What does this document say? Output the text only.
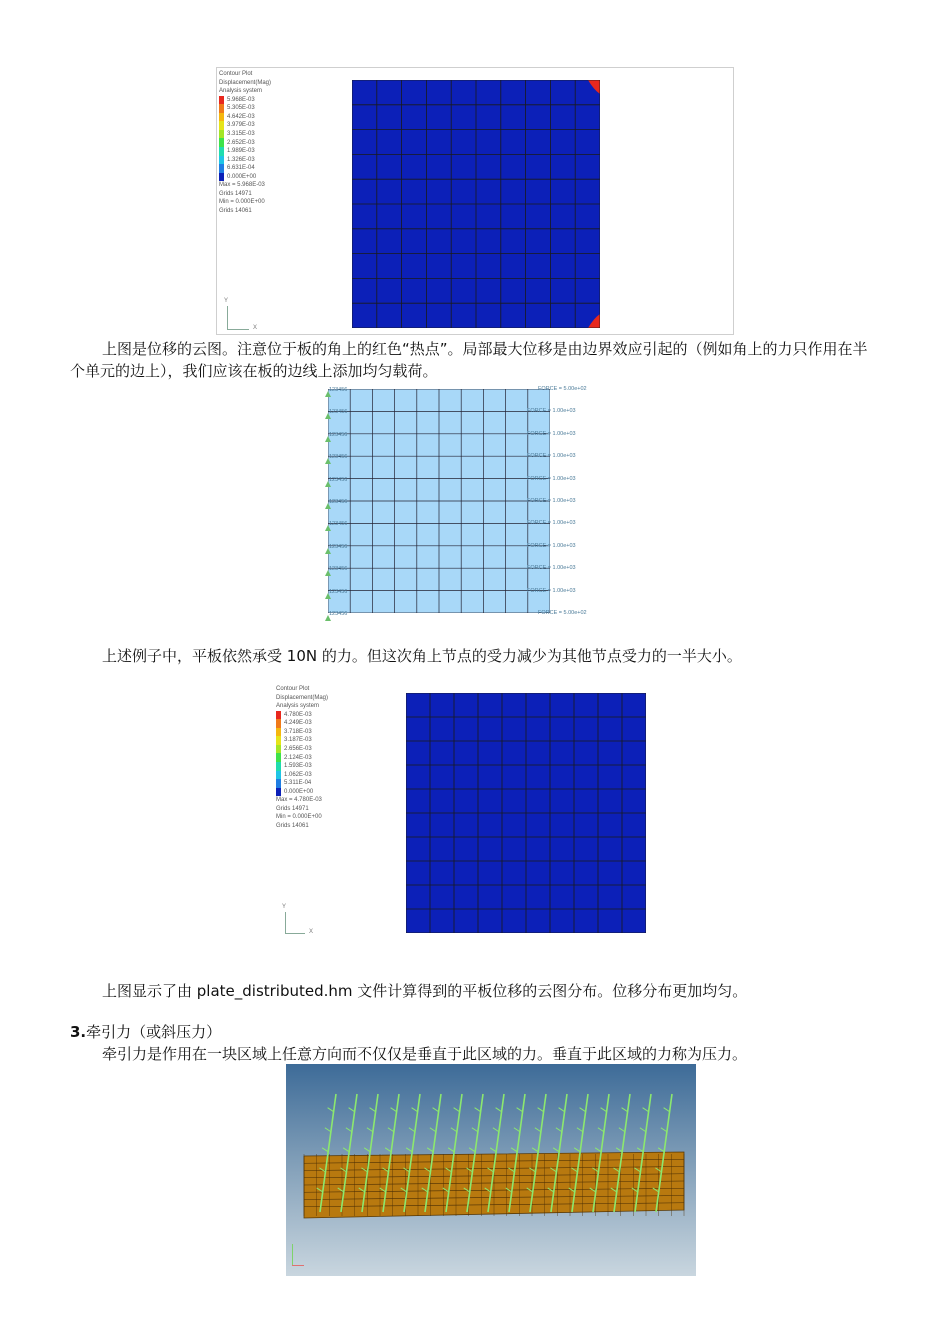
Contour Plot
Displacement(Mag)
Analysis system
5.968E-03
5.305E-03
4.642E-03
3.979E-03
3.315E-03
2.652E-03
1.989E-03
1.326E-03
6.631E-04
0.000E+00
Max = 5.968E-03
Grids 14971
Min = 0.000E+00
Grids 14061
Y
X
上图是位移的云图。注意位于板的角上的红色“热点”。局部最大位移是由边界效应引起的（例如角上的力只作用在半个单元的边上），我们应该在板的边线上添加均匀载荷。
123456	FORCE = 5.00e+02
123456	FORCE = 1.00e+03
123456	FORCE = 1.00e+03
123456	FORCE = 1.00e+03
123456	FORCE = 1.00e+03
123456	FORCE = 1.00e+03
123456	FORCE = 1.00e+03
123456	FORCE = 1.00e+03
123456	FORCE = 1.00e+03
123456	FORCE = 1.00e+03
123456	FORCE = 5.00e+02
上述例子中，平板依然承受 10N 的力。但这次角上节点的受力减少为其他节点受力的一半大小。
Contour Plot
Displacement(Mag)
Analysis system
4.780E-03
4.249E-03
3.718E-03
3.187E-03
2.656E-03
2.124E-03
1.593E-03
1.062E-03
5.311E-04
0.000E+00
Max = 4.780E-03
Grids 14971
Min = 0.000E+00
Grids 14061
Y
X
上图显示了由 plate_distributed.hm 文件计算得到的平板位移的云图分布。位移分布更加均匀。
3.牵引力（或斜压力）
牵引力是作用在一块区域上任意方向而不仅仅是垂直于此区域的力。垂直于此区域的力称为压力。
